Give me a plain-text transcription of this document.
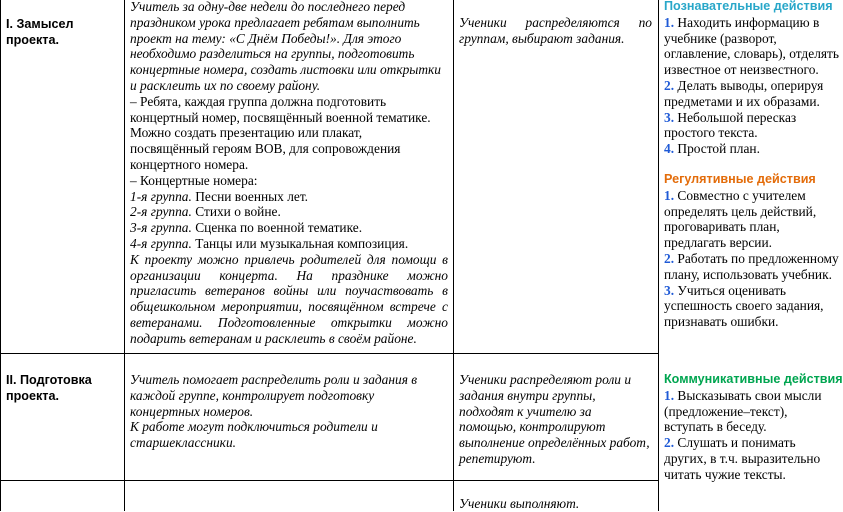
I. Замысел
проекта.
Учитель за одну-две недели до последнего перед
праздником урока предлагает ребятам выполнить
проект на тему: «С Днём Победы!». Для этого
необходимо разделиться на группы, подготовить
концертные номера, создать листовки или открытки
и расклеить их по своему району.
– Ребята, каждая группа должна подготовить
концертный номер, посвящённый военной тематике.
Можно создать презентацию или плакат,
посвящённый героям ВОВ, для сопровождения
концертного номера.
– Концертные номера:
1-я группа. Песни военных лет.
2-я группа. Стихи о войне.
3-я группа. Сценка по военной тематике.
4-я группа. Танцы или музыкальная композиция.
К проекту можно привлечь родителей для помощи в
организации концерта. На празднике можно
пригласить ветеранов войны или поучаствовать в
общешкольном мероприятии, посвящённом встрече с
ветеранами. Подготовленные открытки можно
подарить ветеранам и расклеить в своём районе.
Ученики распределяются по
группам, выбирают задания.
Познавательные действия
1. Находить информацию в
учебнике (разворот,
оглавление, словарь), отделять
известное от неизвестного.
2. Делать выводы, оперируя
предметами и их образами.
3. Небольшой пересказ
простого текста.
4. Простой план.
Регулятивные действия
1. Совместно с учителем
определять цель действий,
проговаривать план,
предлагать версии.
2. Работать по предложенному
плану, использовать учебник.
3. Учиться оценивать
успешность своего задания,
признавать ошибки.
Коммуникативные действия
1. Высказывать свои мысли
(предложение–текст),
вступать в беседу.
2. Слушать и понимать
других, в т.ч. выразительно
читать чужие тексты.
II. Подготовка
проекта.
Учитель помогает распределить роли и задания в
каждой группе, контролирует подготовку
концертных номеров.
К работе могут подключиться родители и
старшеклассники.
Ученики распределяют роли и
задания внутри группы,
подходят к учителю за
помощью, контролируют
выполнение определённых работ,
репетируют.
Ученики выполняют.
